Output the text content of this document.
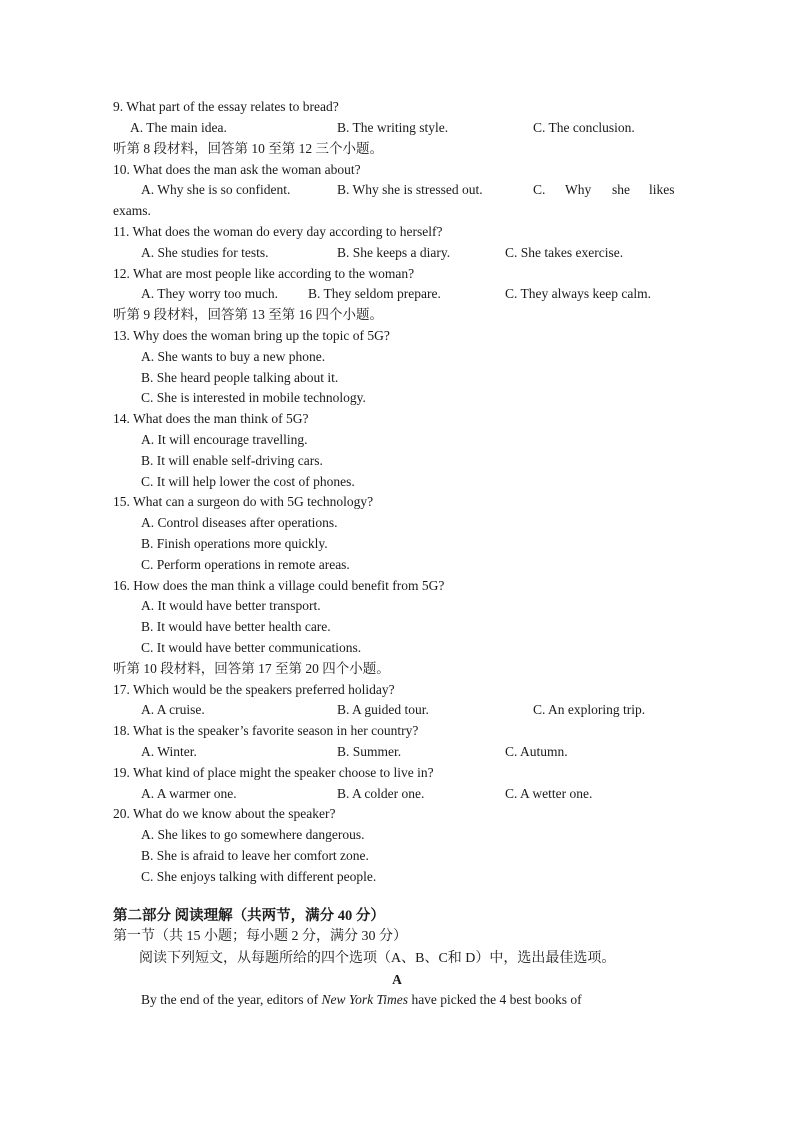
9. What part of the essay relates to bread?
A. The main idea.	B. The writing style.	C. The conclusion.
听第 8 段材料，回答第 10 至第 12 三个小题。
10. What does the man ask the woman about?
A. Why she is so confident.	B. Why she is stressed out.	C. Why she likes
exams.
11. What does the woman do every day according to herself?
A. She studies for tests.	B. She keeps a diary.	C. She takes exercise.
12. What are most people like according to the woman?
A. They worry too much. B. They seldom prepare.	C. They always keep calm.
听第 9 段材料，回答第 13 至第 16 四个小题。
13. Why does the woman bring up the topic of 5G?
A. She wants to buy a new phone.
B. She heard people talking about it.
C. She is interested in mobile technology.
14. What does the man think of 5G?
A. It will encourage travelling.
B. It will enable self-driving cars.
C. It will help lower the cost of phones.
15. What can a surgeon do with 5G technology?
A. Control diseases after operations.
B. Finish operations more quickly.
C. Perform operations in remote areas.
16. How does the man think a village could benefit from 5G?
A. It would have better transport.
B. It would have better health care.
C. It would have better communications.
听第 10 段材料，回答第 17 至第 20 四个小题。
17. Which would be the speakers preferred holiday?
A. A cruise.	B. A guided tour.	C. An exploring trip.
18. What is the speaker’s favorite season in her country?
A. Winter.	B. Summer.	C. Autumn.
19. What kind of place might the speaker choose to live in?
A. A warmer one.	B. A colder one.	C. A wetter one.
20. What do we know about the speaker?
A. She likes to go somewhere dangerous.
B. She is afraid to leave her comfort zone.
C. She enjoys talking with different people.
第二部分 阅读理解（共两节，满分 40 分）
第一节（共 15 小题；每小题 2 分，满分 30 分）
阅读下列短文，从每题所给的四个选项（A、B、C和 D）中，选出最佳选项。
A
By the end of the year, editors of New York Times have picked the 4 best books of
